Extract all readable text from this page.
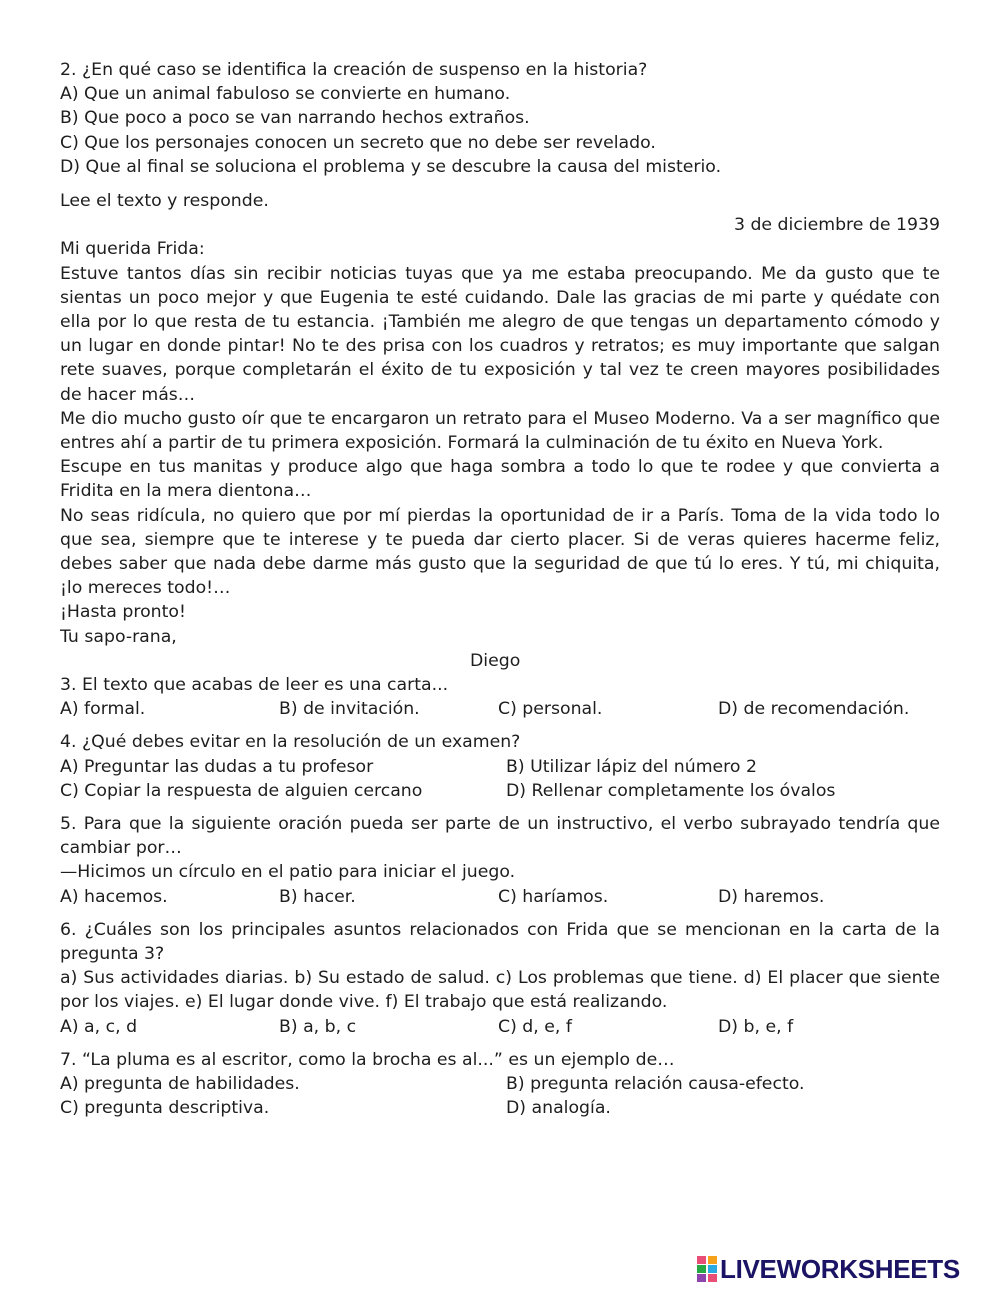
2. ¿En qué caso se identifica la creación de suspenso en la historia?
A) Que un animal fabuloso se convierte en humano.
B) Que poco a poco se van narrando hechos extraños.
C) Que los personajes conocen un secreto que no debe ser revelado.
D) Que al final se soluciona el problema y se descubre la causa del misterio.
Lee el texto y responde.
3 de diciembre de 1939
Mi querida Frida:
Estuve tantos días sin recibir noticias tuyas que ya me estaba preocupando. Me da gusto que te sientas un poco mejor y que Eugenia te esté cuidando. Dale las gracias de mi parte y quédate con ella por lo que resta de tu estancia. ¡También me alegro de que tengas un departamento cómodo y un lugar en donde pintar! No te des prisa con los cuadros y retratos; es muy importante que salgan rete suaves, porque completarán el éxito de tu exposición y tal vez te creen mayores posibilidades de hacer más…
Me dio mucho gusto oír que te encargaron un retrato para el Museo Moderno. Va a ser magnífico que entres ahí a partir de tu primera exposición. Formará la culminación de tu éxito en Nueva York.
Escupe en tus manitas y produce algo que haga sombra a todo lo que te rodee y que convierta a Fridita en la mera dientona…
No seas ridícula, no quiero que por mí pierdas la oportunidad de ir a París. Toma de la vida todo lo que sea, siempre que te interese y te pueda dar cierto placer. Si de veras quieres hacerme feliz, debes saber que nada debe darme más gusto que la seguridad de que tú lo eres. Y tú, mi chiquita, ¡lo mereces todo!…
¡Hasta pronto!
Tu sapo-rana,
Diego
3. El texto que acabas de leer es una carta...
A) formal.	B) de invitación.	C) personal.	D) de recomendación.
4. ¿Qué debes evitar en la resolución de un examen?
A) Preguntar las dudas a tu profesor	B) Utilizar lápiz del número 2
C) Copiar la respuesta de alguien cercano	D) Rellenar completamente los óvalos
5. Para que la siguiente oración pueda ser parte de un instructivo, el verbo subrayado tendría que cambiar por…
—Hicimos un círculo en el patio para iniciar el juego.
A) hacemos.	B) hacer.	C) haríamos.	D) haremos.
6. ¿Cuáles son los principales asuntos relacionados con Frida que se mencionan en la carta de la pregunta 3?
a) Sus actividades diarias. b) Su estado de salud. c) Los problemas que tiene. d) El placer que siente por los viajes. e) El lugar donde vive. f) El trabajo que está realizando.
A) a, c, d	B) a, b, c	C) d, e, f	D) b, e, f
7. “La pluma es al escritor, como la brocha es al...” es un ejemplo de…
A) pregunta de habilidades.	B) pregunta relación causa-efecto.
C) pregunta descriptiva.	D) analogía.
LIVEWORKSHEETS
